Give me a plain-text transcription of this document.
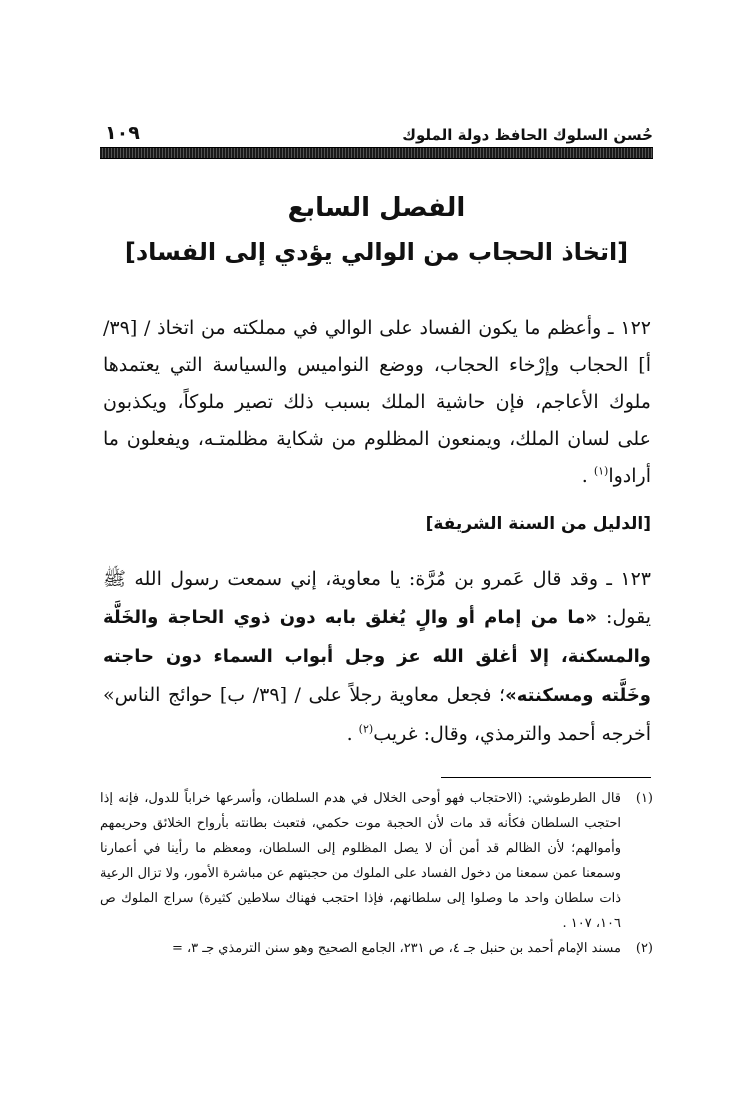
حُسن السلوك الحافظ دولة الملوك
١٠٩
الفصل السابع
[اتخاذ الحجاب من الوالي يؤدي إلى الفساد]

١٢٢ ـ وأعظم ما يكون الفساد على الوالي في مملكته من اتخاذ / [٣٩/ أ] الحجاب وإرْخاء الحجاب، ووضع النواميس والسياسة التي يعتمدها ملوك الأعاجم، فإن حاشية الملك بسبب ذلك تصير ملوكاً، ويكذبون على لسان الملك، ويمنعون المظلوم من شكاية مظلمتـه، ويفعلون ما أرادوا$^{(١)}$ .

[الدليل من السنة الشريفة]

١٢٣ ـ وقد قال عَمرو بن مُرَّة: يا معاوية، إني سمعت رسول الله ﷺ يقول: «ما من إمام أو والٍ يُغلق بابه دون ذوي الحاجة والخَلَّة والمسكنة، إلا أغلق الله عز وجل أبواب السماء دون حاجته وخَلَّته ومسكنته»؛ فجعل معاوية رجلاً على / [٣٩/ ب] حوائج الناس» أخرجه أحمد والترمذي، وقال: غريب$^{(٢)}$ .

(١)
قال الطرطوشي: (الاحتجاب فهو أوحى الخلال في هدم السلطان، وأسرعها خراباً للدول، فإنه إذا احتجب السلطان فكأنه قد مات لأن الحجبة موت حكمي، فتعبث بطانته بأرواح الخلائق وحريمهم وأموالهم؛ لأن الظالم قد أمن أن لا يصل المظلوم إلى السلطان، ومعظم ما رأينا في أعمارنا وسمعنا عمن سمعنا من دخول الفساد على الملوك من حجبتهم عن مباشرة الأمور، ولا تزال الرعية ذات سلطان واحد ما وصلوا إلى سلطانهم، فإذا احتجب فهناك سلاطين كثيرة) سراج الملوك ص ١٠٦، ١٠٧ .
(٢)
مسند الإمام أحمد بن حنبل جـ ٤، ص ٢٣١، الجامع الصحيح وهو سنن الترمذي جـ ٣، =
